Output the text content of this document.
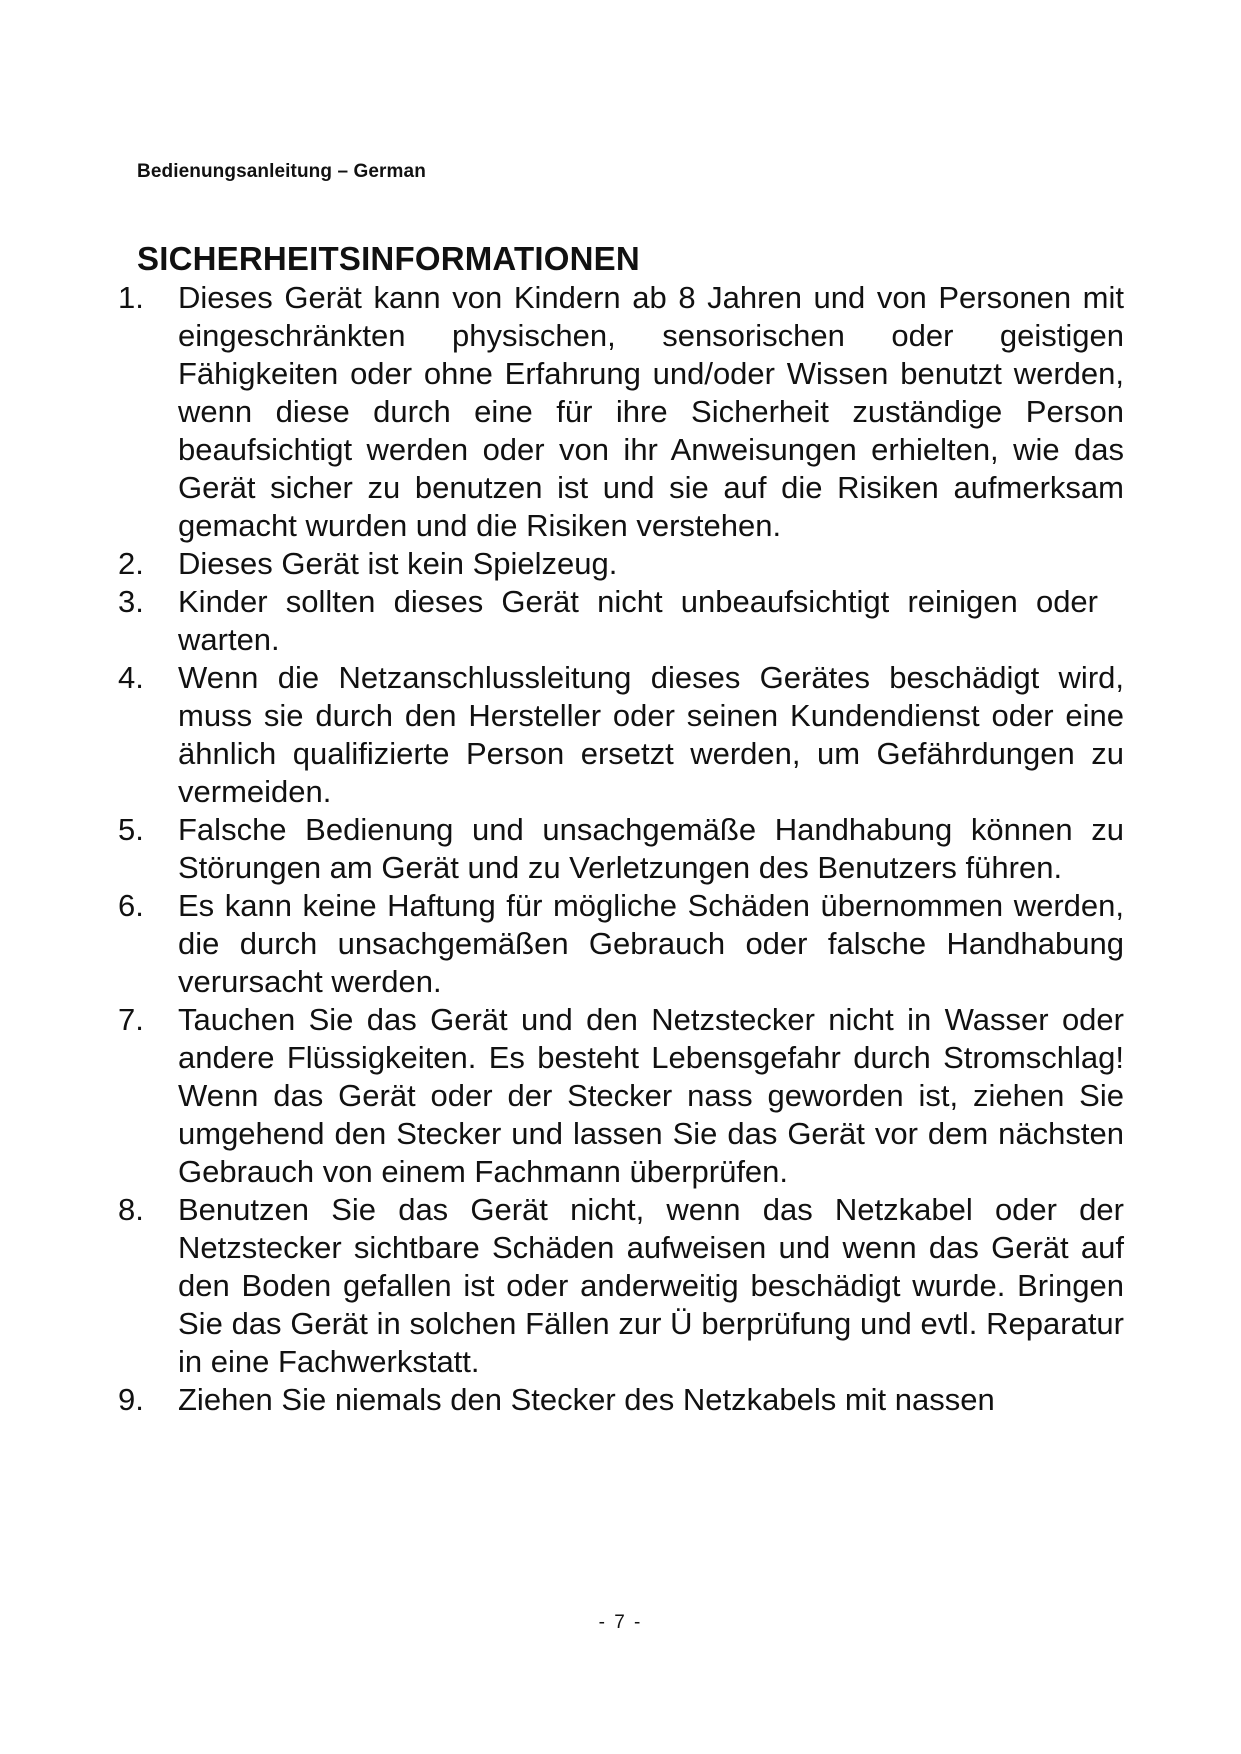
Bedienungsanleitung – German
SICHERHEITSINFORMATIONEN
1.	Dieses Gerät kann von Kindern ab 8 Jahren und von Personen mit eingeschränkten physischen, sensorischen oder geistigen Fähigkeiten oder ohne Erfahrung und/oder Wissen benutzt werden, wenn diese durch eine für ihre Sicherheit zuständige Person beaufsichtigt werden oder von ihr Anweisungen erhielten, wie das Gerät sicher zu benutzen ist und sie auf die Risiken aufmerksam gemacht wurden und die Risiken verstehen.
2.	Dieses Gerät ist kein Spielzeug.
3.	Kinder sollten dieses Gerät nicht unbeaufsichtigt reinigen oder warten.
4.	Wenn die Netzanschlussleitung dieses Gerätes beschädigt wird, muss sie durch den Hersteller oder seinen Kundendienst oder eine ähnlich qualifizierte Person ersetzt werden, um Gefährdungen zu vermeiden.
5.	Falsche Bedienung und unsachgemäße Handhabung können zu Störungen am Gerät und zu Verletzungen des Benutzers führen.
6.	Es kann keine Haftung für mögliche Schäden übernommen werden, die durch unsachgemäßen Gebrauch oder falsche Handhabung verursacht werden.
7.	Tauchen Sie das Gerät und den Netzstecker nicht in Wasser oder andere Flüssigkeiten. Es besteht Lebensgefahr durch Stromschlag! Wenn das Gerät oder der Stecker nass geworden ist, ziehen Sie umgehend den Stecker und lassen Sie das Gerät vor dem nächsten Gebrauch von einem Fachmann überprüfen.
8.	Benutzen Sie das Gerät nicht, wenn das Netzkabel oder der Netzstecker sichtbare Schäden aufweisen und wenn das Gerät auf den Boden gefallen ist oder anderweitig beschädigt wurde. Bringen Sie das Gerät in solchen Fällen zur Ü berprüfung und evtl. Reparatur in eine Fachwerkstatt.
9.	Ziehen Sie niemals den Stecker des Netzkabels mit nassen
- 7 -
